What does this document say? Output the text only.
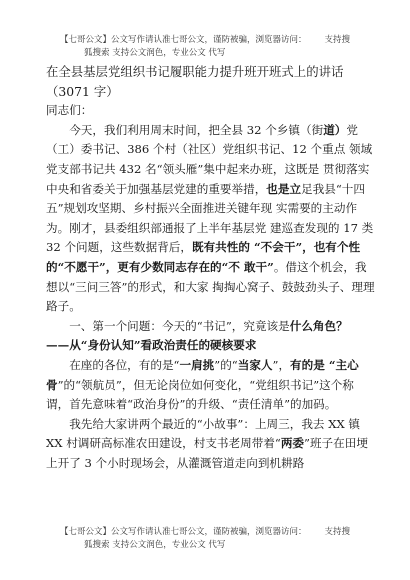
【七哥公文】公文写作请认准七哥公文，谨防被骗，浏览器访问： 支持搜
狐搜索 支持公文润色，专业公文 代写

在全县基层党组织书记履职能力提升班开班式上的讲话
（3071 字）

同志们：

今天，我们利用周末时间，把全县 32 个乡镇（街道）党（工）委书记、386 个村（社区）党组织书记、12 个重点 领域党支部书记共 432 名“领头雁”集中起来办班，这既是 贯彻落实中央和省委关于加强基层党建的重要举措，也是立足我县“十四五”规划攻坚期、乡村振兴全面推进关键年现 实需要的主动作为。刚才，县委组织部通报了上半年基层党 建巡查发现的 17 类 32 个问题，这些数据背后，既有共性的 “不会干”，也有个性的“不愿干”，更有少数同志存在的“不 敢干”。借这个机会，我想以“三问三答”的形式，和大家 掏掏心窝子、鼓鼓劲头子、理理路子。

一、第一个问题：今天的“书记”，究竟该是什么角色？

——从“身份认知”看政治责任的硬核要求

在座的各位，有的是“一肩挑”的“当家人”，有的是 “主心骨”的“领航员”，但无论岗位如何变化，“党组织书记”这个称谓，首先意味着“政治身份”的升级、“责任清单”的加码。

我先给大家讲两个最近的“小故事”：上周三，我去 XX 镇 XX 村调研高标准农田建设，村支书老周带着“两委”班子在田埂上开了 3 个小时现场会，从灌溉管道走向到机耕路

【七哥公文】公文写作请认准七哥公文，谨防被骗，浏览器访问： 支持搜
狐搜索 支持公文润色，专业公文 代写
